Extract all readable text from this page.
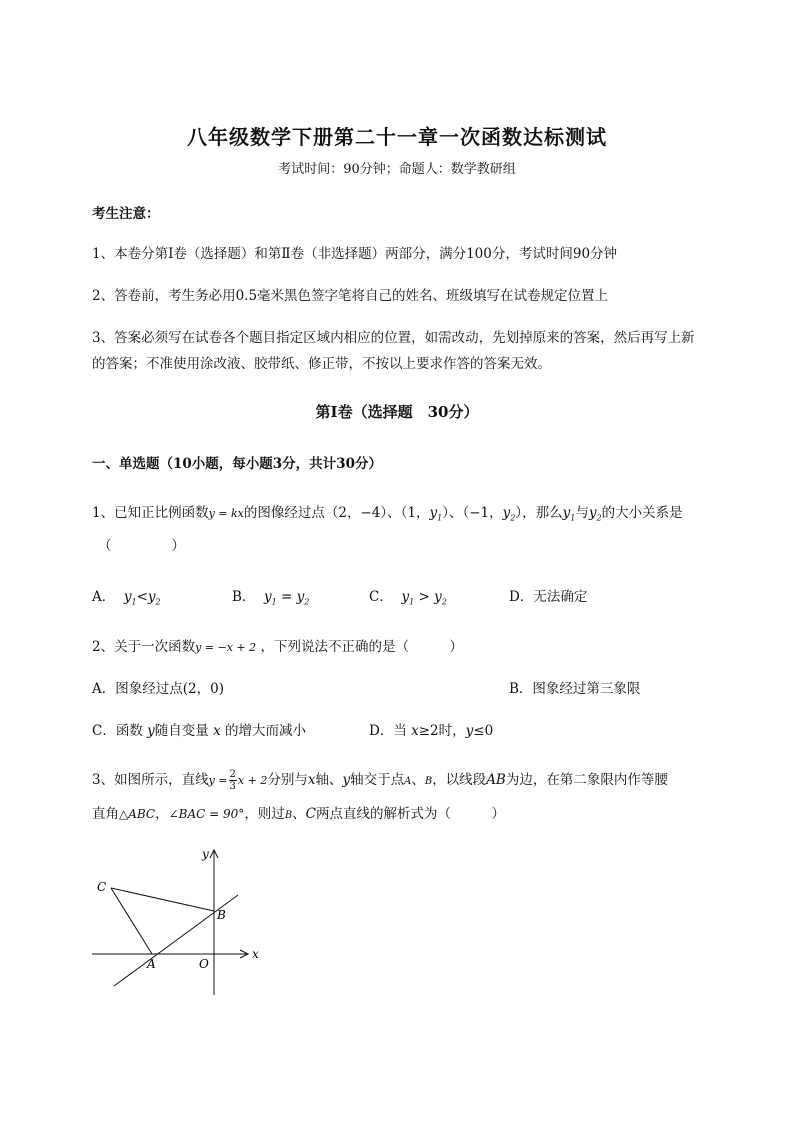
八年级数学下册第二十一章一次函数达标测试
考试时间：90分钟；命题人：数学教研组
考生注意：
1、本卷分第Ⅰ卷（选择题）和第Ⅱ卷（非选择题）两部分，满分100分，考试时间90分钟
2、答卷前，考生务必用0.5毫米黑色签字笔将自己的姓名、班级填写在试卷规定位置上
3、答案必须写在试卷各个题目指定区域内相应的位置，如需改动，先划掉原来的答案，然后再写上新
的答案；不准使用涂改液、胶带纸、修正带，不按以上要求作答的答案无效。
第Ⅰ卷（选择题　30分）
一、单选题（10小题，每小题3分，共计30分）
1、已知正比例函数y = kx的图像经过点（2，−4）、（1，$y_1$）、（−1，$y_2$），那么$y_1$与$y_2$的大小关系是
（	）
A． $y_1<y_2$	B． $y_1 = y_2$	C． $y_1 > y_2$	D．无法确定
2、关于一次函数y = −x + 2 ，下列说法不正确的是（　　　）
A．图象经过点(2，0)	B．图象经过第三象限
C．函数 y随自变量 x 的增大而减小	D．当 x≥2时，y≤0
3、如图所示，直线$y = \frac{2}{3}$ x + 2分别与x轴、y轴交于点A、B，以线段AB为边，在第二象限内作等腰
直角△ABC，∠BAC = 90°，则过B、C两点直线的解析式为（　　　）
C
B
A	O
x
y
